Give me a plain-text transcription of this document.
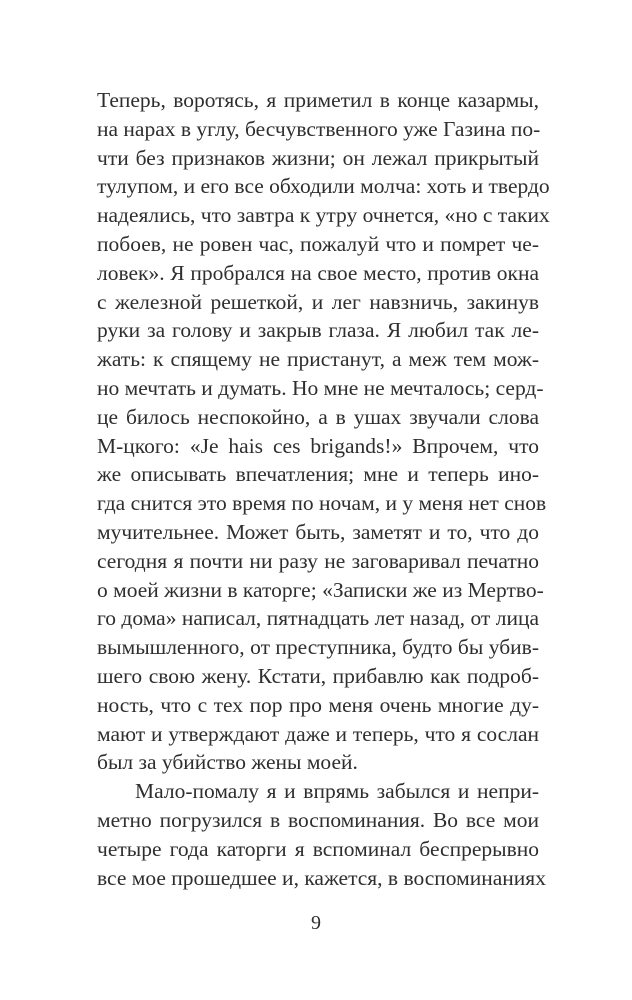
Теперь, воротясь, я приметил в конце казармы,
на нарах в углу, бесчувственного уже Газина по-
чти без признаков жизни; он лежал прикрытый
тулупом, и его все обходили молча: хоть и твердо
надеялись, что завтра к утру очнется, «но с таких
побоев, не ровен час, пожалуй что и помрет че-
ловек». Я пробрался на свое место, против окна
с железной решеткой, и лег навзничь, закинув
руки за голову и закрыв глаза. Я любил так ле-
жать: к спящему не пристанут, а меж тем мож-
но мечтать и думать. Но мне не мечталось; серд-
це билось неспокойно, а в ушах звучали слова
М-цкого: «Je hais ces brigands!» Впрочем, что
же описывать впечатления; мне и теперь ино-
гда снится это время по ночам, и у меня нет снов
мучительнее. Может быть, заметят и то, что до
сегодня я почти ни разу не заговаривал печатно
о моей жизни в каторге; «Записки же из Мертво-
го дома» написал, пятнадцать лет назад, от лица
вымышленного, от преступника, будто бы убив-
шего свою жену. Кстати, прибавлю как подроб-
ность, что с тех пор про меня очень многие ду-
мают и утверждают даже и теперь, что я сослан
был за убийство жены моей.
Мало-помалу я и впрямь забылся и непри-
метно погрузился в воспоминания. Во все мои
четыре года каторги я вспоминал беспрерывно
все мое прошедшее и, кажется, в воспоминаниях
9
